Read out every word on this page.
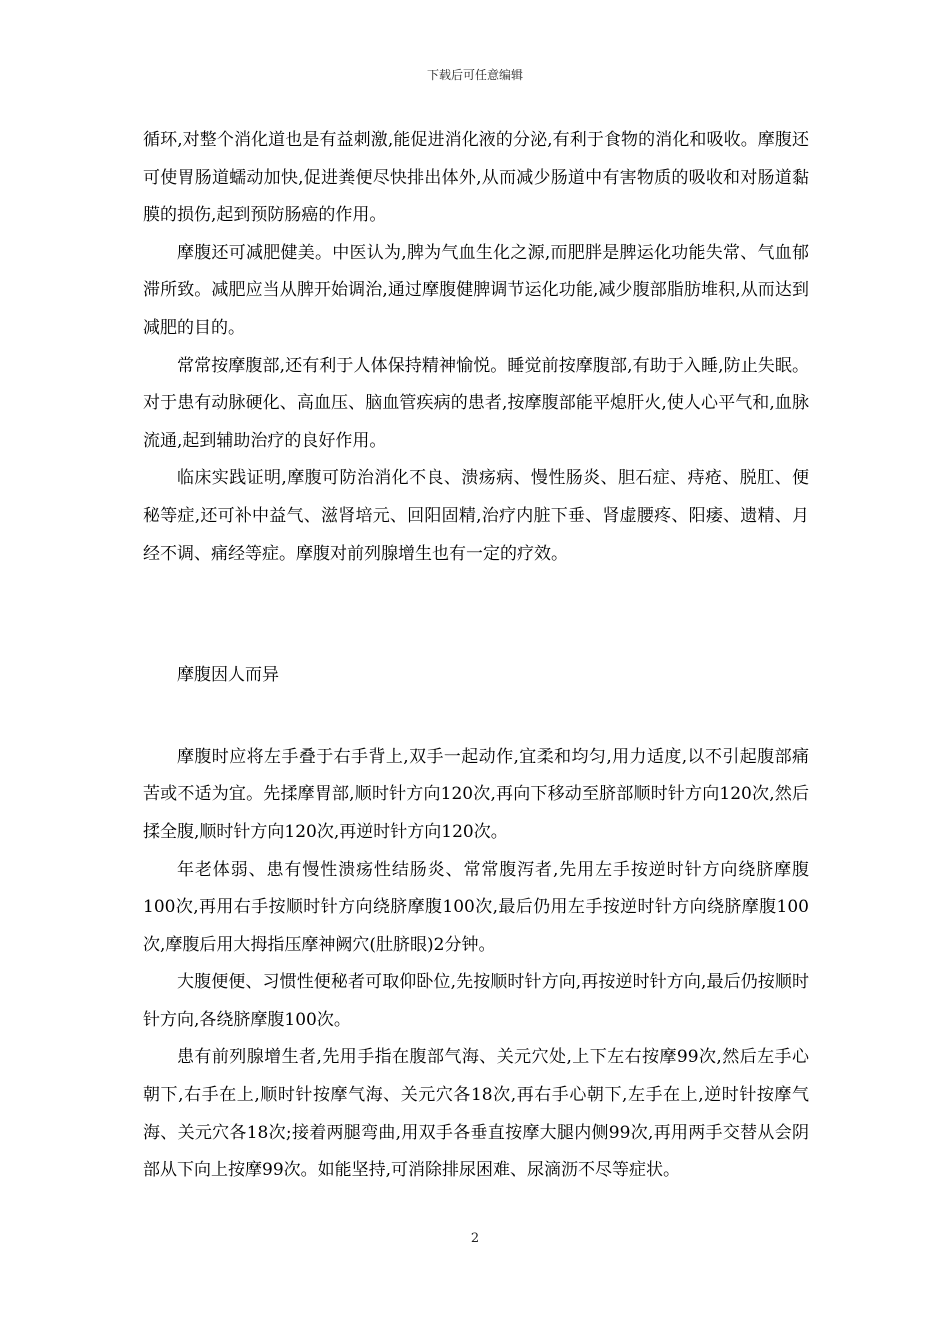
下载后可任意编辑

循环,对整个消化道也是有益刺激,能促进消化液的分泌,有利于食物的消化和吸收。摩腹还可使胃肠道蠕动加快,促进粪便尽快排出体外,从而减少肠道中有害物质的吸收和对肠道黏膜的损伤,起到预防肠癌的作用。

摩腹还可减肥健美。中医认为,脾为气血生化之源,而肥胖是脾运化功能失常、气血郁滞所致。减肥应当从脾开始调治,通过摩腹健脾调节运化功能,减少腹部脂肪堆积,从而达到减肥的目的。

常常按摩腹部,还有利于人体保持精神愉悦。睡觉前按摩腹部,有助于入睡,防止失眠。对于患有动脉硬化、高血压、脑血管疾病的患者,按摩腹部能平熄肝火,使人心平气和,血脉流通,起到辅助治疗的良好作用。

临床实践证明,摩腹可防治消化不良、溃疡病、慢性肠炎、胆石症、痔疮、脱肛、便秘等症,还可补中益气、滋肾培元、回阳固精,治疗内脏下垂、肾虚腰疼、阳痿、遗精、月经不调、痛经等症。摩腹对前列腺增生也有一定的疗效。

摩腹因人而异

摩腹时应将左手叠于右手背上,双手一起动作,宜柔和均匀,用力适度,以不引起腹部痛苦或不适为宜。先揉摩胃部,顺时针方向120次,再向下移动至脐部顺时针方向120次,然后揉全腹,顺时针方向120次,再逆时针方向120次。

年老体弱、患有慢性溃疡性结肠炎、常常腹泻者,先用左手按逆时针方向绕脐摩腹100次,再用右手按顺时针方向绕脐摩腹100次,最后仍用左手按逆时针方向绕脐摩腹100次,摩腹后用大拇指压摩神阙穴(肚脐眼)2分钟。

大腹便便、习惯性便秘者可取仰卧位,先按顺时针方向,再按逆时针方向,最后仍按顺时针方向,各绕脐摩腹100次。

患有前列腺增生者,先用手指在腹部气海、关元穴处,上下左右按摩99次,然后左手心朝下,右手在上,顺时针按摩气海、关元穴各18次,再右手心朝下,左手在上,逆时针按摩气海、关元穴各18次;接着两腿弯曲,用双手各垂直按摩大腿内侧99次,再用两手交替从会阴部从下向上按摩99次。如能坚持,可消除排尿困难、尿滴沥不尽等症状。

2
